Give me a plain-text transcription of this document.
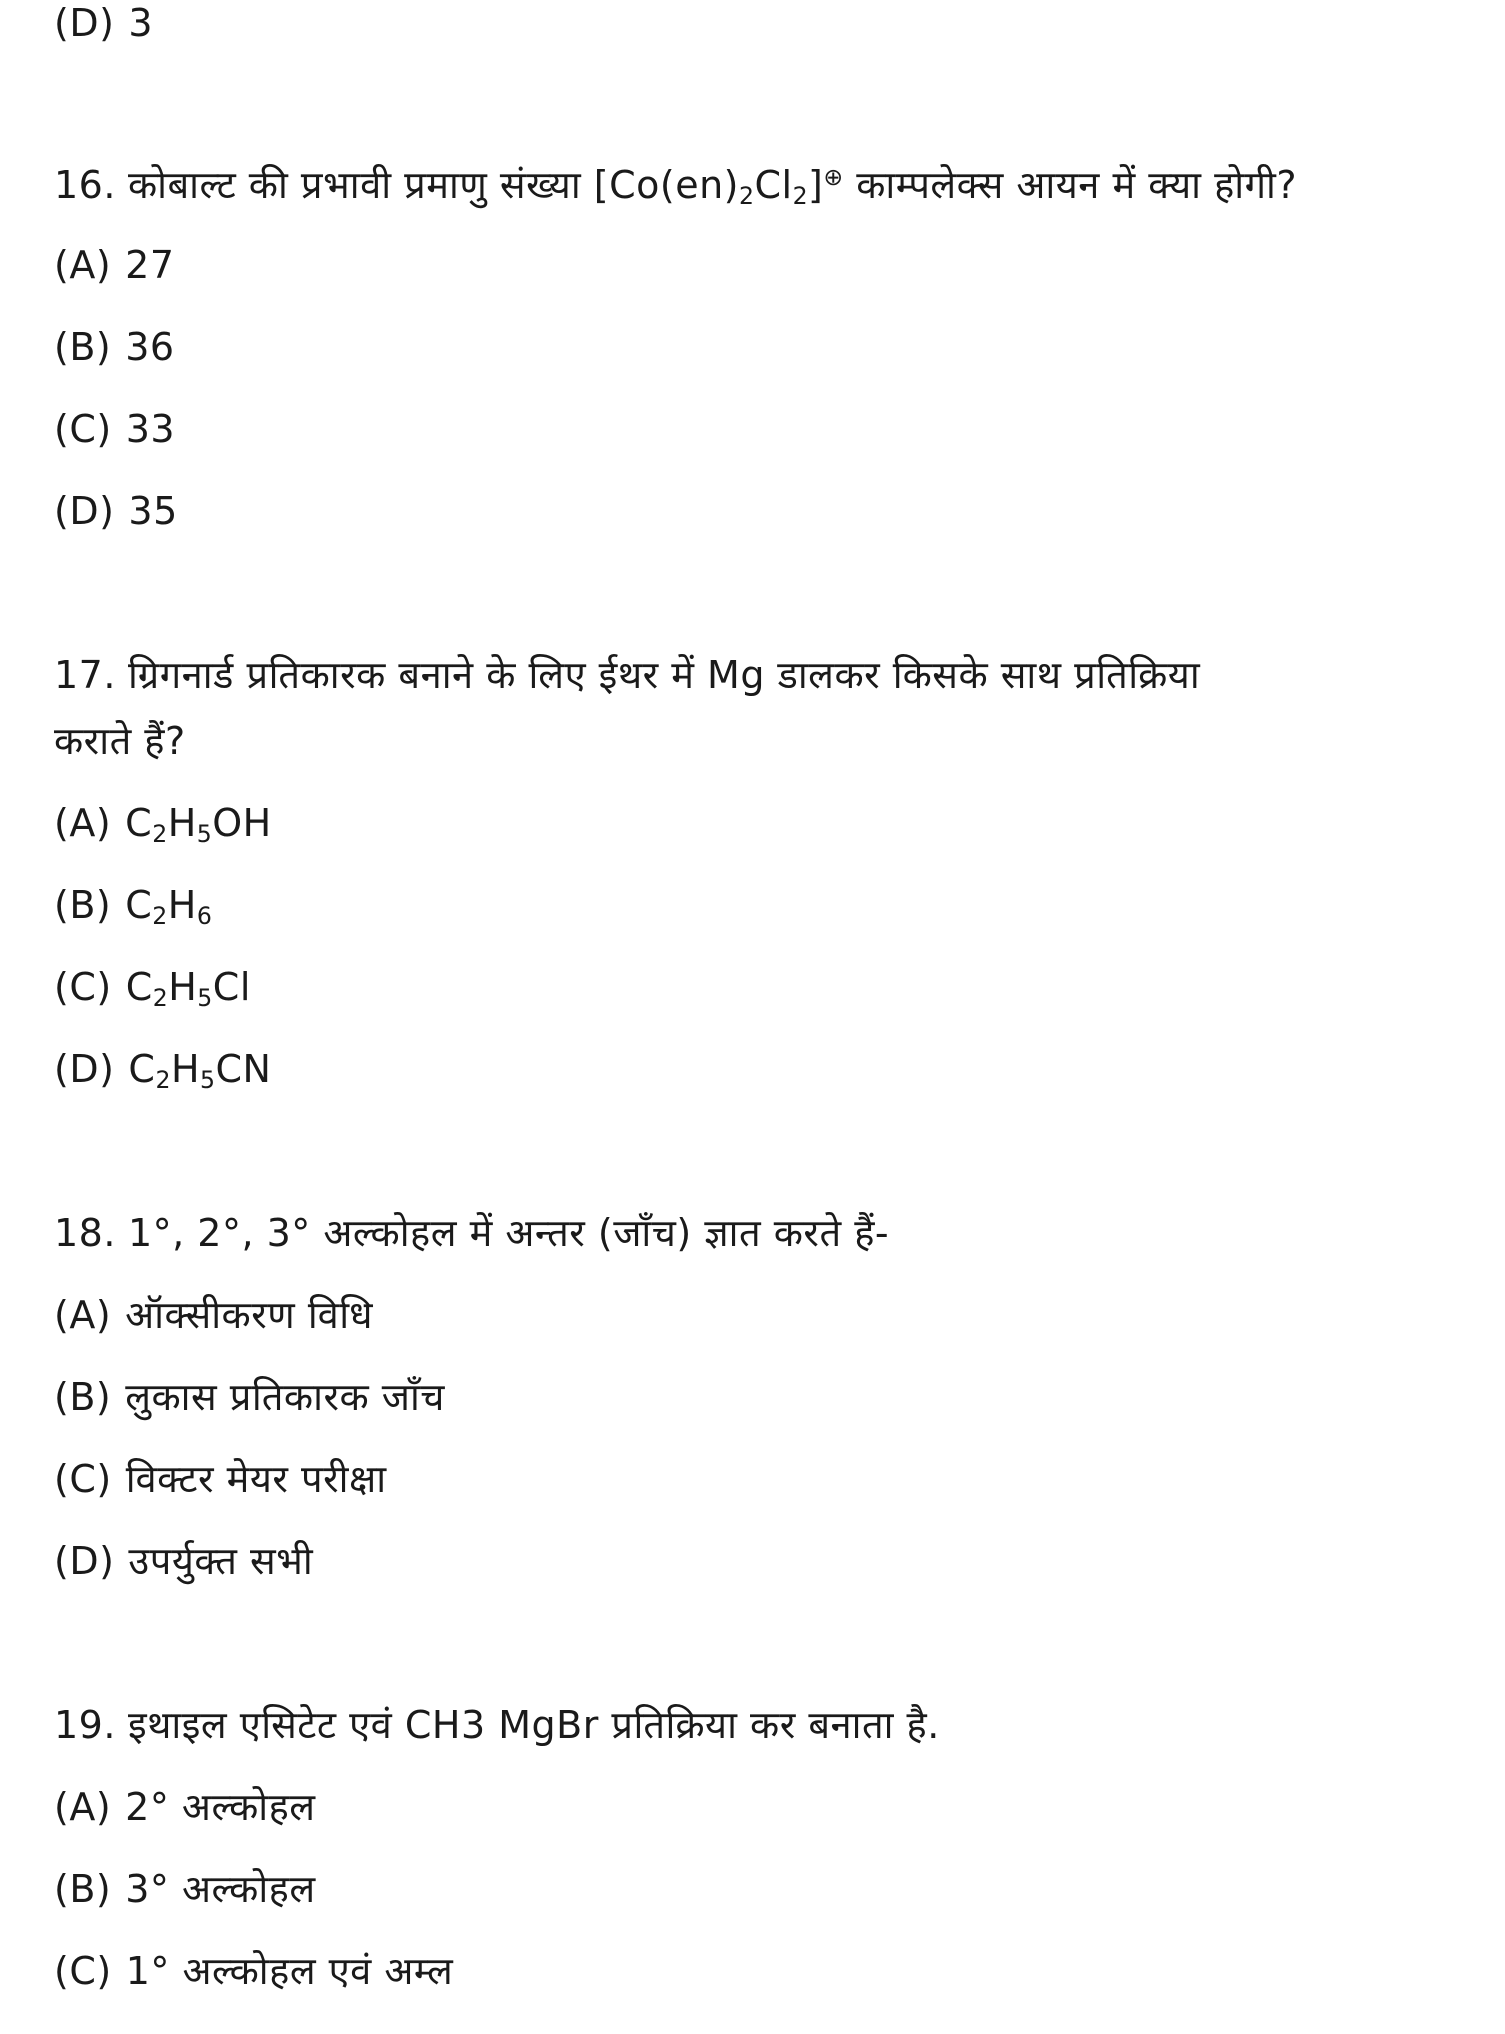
(D) 3
16. कोबाल्ट की प्रभावी प्रमाणु संख्या $[Co(en)_2Cl_2]^\oplus$ काम्पलेक्स आयन में क्या होगी?
(A) 27
(B) 36
(C) 33
(D) 35
17. ग्रिगनार्ड प्रतिकारक बनाने के लिए ईथर में Mg डालकर किसके साथ प्रतिक्रिया
कराते हैं?
(A) $C_2H_5OH$
(B) $C_2H_6$
(C) $C_2H_5Cl$
(D) $C_2H_5CN$
18. 1°, 2°, 3° अल्कोहल में अन्तर (जाँच) ज्ञात करते हैं-
(A) ऑक्सीकरण विधि
(B) लुकास प्रतिकारक जाँच
(C) विक्टर मेयर परीक्षा
(D) उपर्युक्त सभी
19. इथाइल एसिटेट एवं CH3 MgBr प्रतिक्रिया कर बनाता है.
(A) 2° अल्कोहल
(B) 3° अल्कोहल
(C) 1° अल्कोहल एवं अम्ल
